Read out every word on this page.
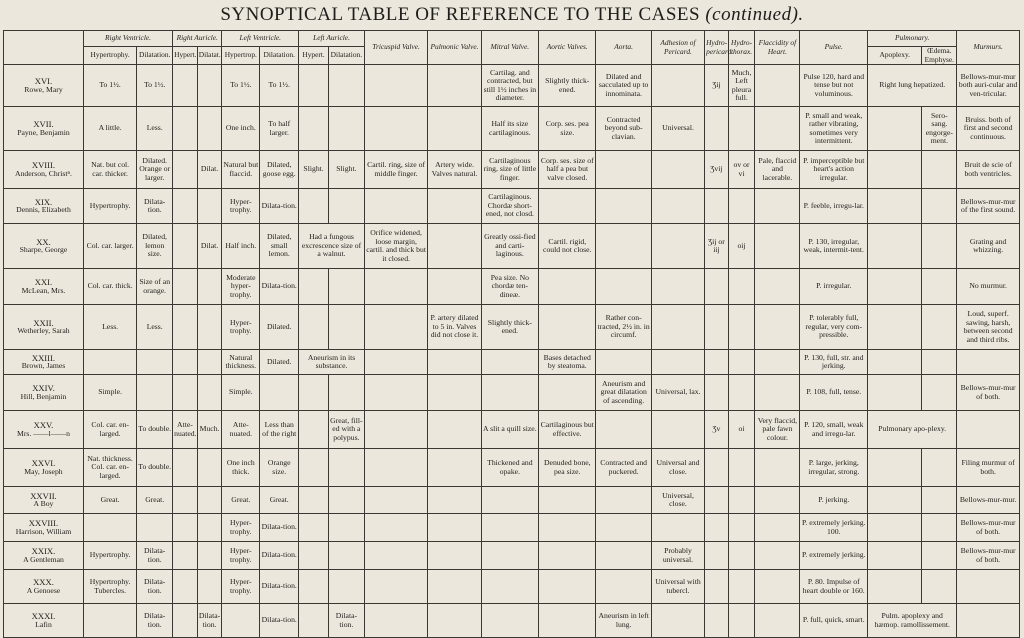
SYNOPTICAL TABLE OF REFERENCE TO THE CASES (continued).
	Right Ventricle.		Right Auricle.		Left Ventricle.		Left Auricle.		Tricuspid Valve.	Pulmonic Valve.	Mitral Valve.	Aortic Valves.	Aorta.	Adhesion of Pericard.	Hydro-pericard.	Hydro-thorax.	Flaccidity of Heart.	Pulse.	Pulmonary.		Murmurs.
	Hypertrophy.	Dilatation.	Hypert.	Dilatat.	Hypertrop.	Dilatation.	Hypert.	Dilatation.											Apoplexy.	Œdema. Emphyse.	

XVI.
Rowe, Mary	To 1½.	To 1½.			To 1½.	To 1½.					Cartilag. and contracted, but still 1½ inches in diameter.	Slightly thick-ened.	Dilated and sacculated up to innominata.		Ʒij	Much, Left pleura full.		Pulse 120, hard and tense but not voluminous.	Right lung hepatized.		Bellows-mur-mur both auri-cular and ven-tricular.

XVII.
Payne, Benjamin	A little.	Less.			One inch.	To half larger.					Half its size cartilaginous.	Corp. ses. pea size.	Contracted beyond sub-clavian.	Universal.				P. small and weak, rather vibrating, sometimes very intermittent.		Sero-sang. engorge-ment.	Bruiss. both of first and second continuous.

XVIII.
Anderson, Christⁿ.	Nat. but col. car. thicker.	Dilated. Orange or larger.		Dilat.	Natural but flaccid.	Dilated, goose egg.	Slight.	Slight.	Cartil. ring, size of middle finger.	Artery wide. Valves natural.	Cartilaginous ring, size of little finger.	Corp. ses. size of half a pea but valve closed.			Ʒvij	ov or vi	Pale, flaccid and lacerable.	P. imperceptible but heart's action irregular.			Bruit de scie of both ventricles.

XIX.
Dennis, Elizabeth	Hypertrophy.	Dilata-tion.			Hyper-trophy.	Dilata-tion.					Cartilaginous. Chordæ short-ened, not closd.							P. feeble, irregu-lar.			Bellows-mur-mur of the first sound.

XX.
Sharpe, George	Col. car. larger.	Dilated, lemon size.		Dilat.	Half inch.	Dilated, small lemon.	Had a fungous excrescence size of a walnut.		Orifice widened, loose margin, cartil. and thick but it closed.		Greatly ossi-fied and carti-laginous.	Cartil. rigid, could not close.			Ʒij or iij	oij		P. 130, irregular, weak, intermit-tent.			Grating and whizzing.

XXI.
McLean, Mrs.	Col. car. thick.	Size of an orange.			Moderate hyper-trophy.	Dilata-tion.					Pea size. No chordæ ten-dineæ.							P. irregular.			No murmur.

XXII.
Wetherley, Sarah	Less.	Less.			Hyper-trophy.	Dilated.				P. artery dilated to 5 in. Valves did not close it.	Slightly thick-ened.		Rather con-tracted, 2½ in. in circumf.					P. tolerably full, regular, very com-pressible.			Loud, superf. sawing, harsh, between second and third ribs.

XXIII.
Brown, James					Natural thickness.	Dilated.	Aneurism in its substance.					Bases detached by steatoma.						P. 130, full, str. and jerking.			

XXIV.
Hill, Benjamin	Simple.				Simple.								Aneurism and great dilatation of ascending.	Universal, lax.				P. 108, full, tense.			Bellows-mur-mur of both.

XXV.
Mrs. ——l——n	Col. car. en-larged.	To double.	Atte-nuated.	Much.	Atte-nuated.	Less than of the right		Great, fill-ed with a polypus.			A slit a quill size.	Cartilaginous but effective.			Ʒv	oi	Very flaccid, pale fawn colour.	P. 120, small, weak and irregu-lar.	Pulmonary apo-plexy.		

XXVI.
May, Joseph	Nat. thickness. Col. car. en-larged.	To double.			One inch thick.	Orange size.					Thickened and opake.	Denuded bone, pea size.	Contracted and puckered.	Universal and close.				P. large, jerking, irregular, strong.			Filing murmur of both.

XXVII.
A Boy	Great.	Great.			Great.	Great.								Universal, close.				P. jerking.			Bellows-mur-mur.

XXVIII.
Harrison, William					Hyper-trophy.	Dilata-tion.												P. extremely jerking. 100.			Bellows-mur-mur of both.

XXIX.
A Gentleman	Hypertrophy.	Dilata-tion.			Hyper-trophy.	Dilata-tion.								Probably universal.				P. extremely jerking.			Bellows-mur-mur of both.

XXX.
A Genoese	Hypertrophy. Tubercles.	Dilata-tion.			Hyper-trophy.	Dilata-tion.								Universal with tubercl.				P. 80. Impulse of heart double or 160.			

XXXI.
Lafin		Dilata-tion.		Dilata-tion.		Dilata-tion.		Dilata-tion.					Aneurism in left lung.					P. full, quick, smart.	Pulm. apoplexy and hæmop. ramollissement.		
